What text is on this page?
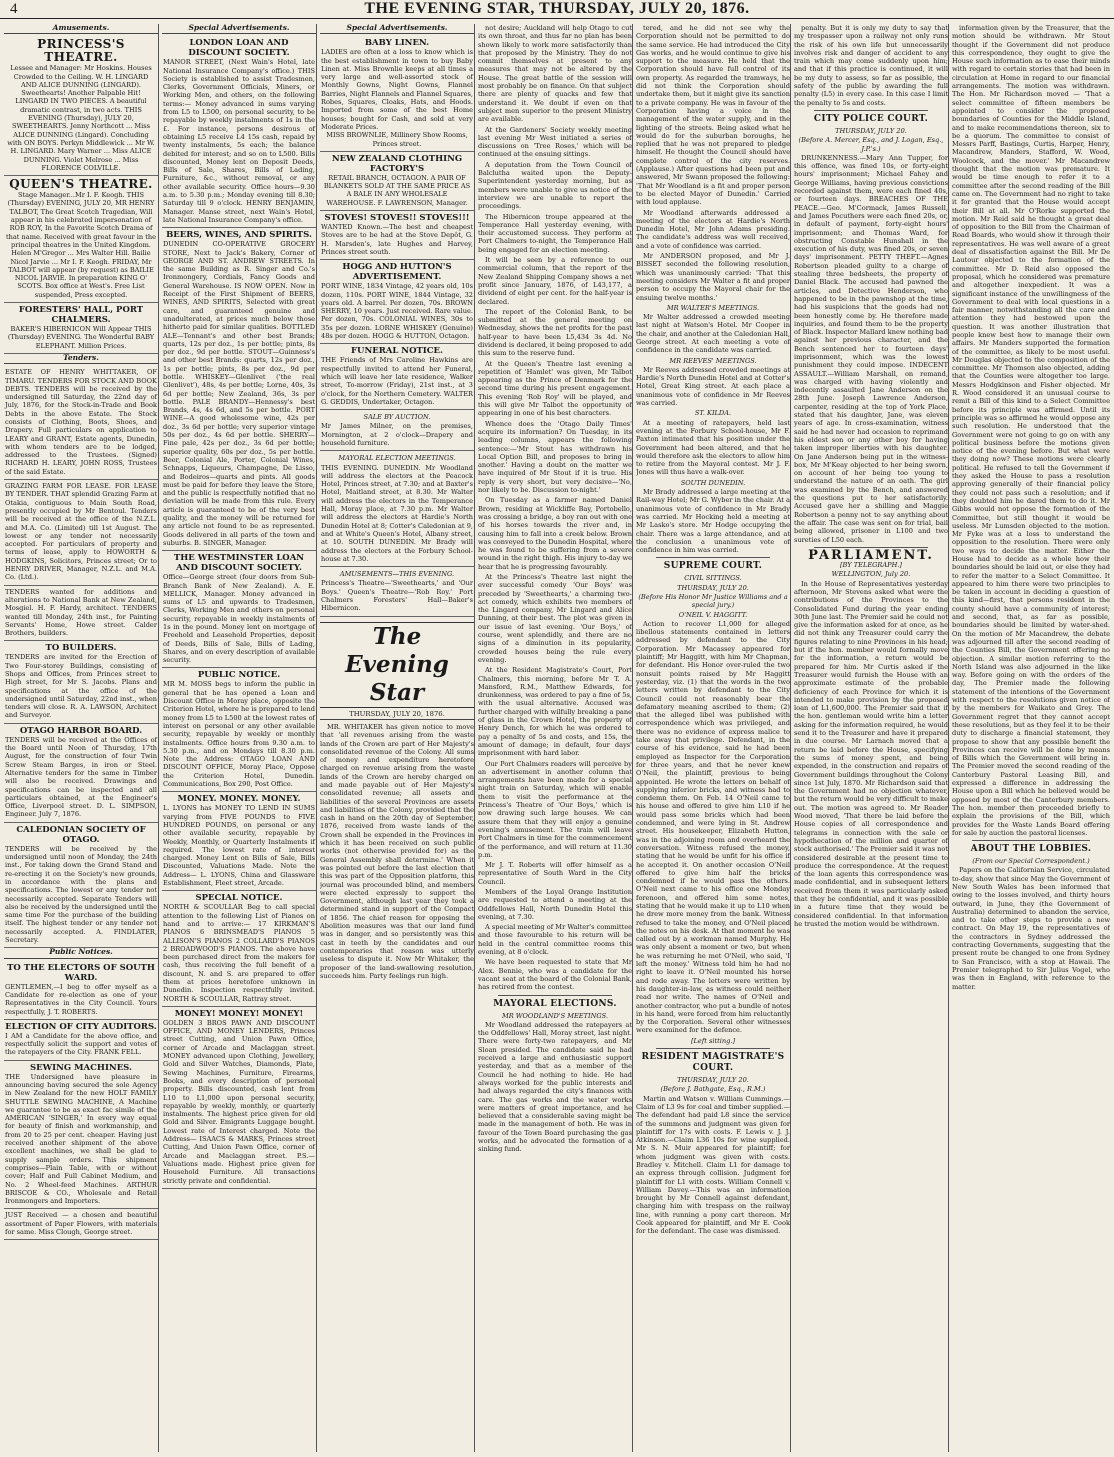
4	THE EVENING STAR, THURSDAY, JULY 20, 1876.
Amusements.
PRINCESS'S THEATRE.
Lessee and Manager: Mr Hoskins. Houses Crowded to the Ceiling. W. H. LINGARD AND ALICE DUNNING (LINGARD). Sweethearts! Another Palpable Hit! LINGARD IN TWO PIECES. A beautiful dramatic contrast, in two acts. THIS EVENING (Thursday), JULY 20, SWEETHEARTS. Jenny Northcott ... Miss ALICE DUNNING (Lingard). Concluding with ON BOYS. Perkyn Middlewick ... Mr W. H. LINGARD. Mary Warner ... Miss ALICE DUNNING. Violet Melrose ... Miss FLORENCE COLVILLE.
QUEEN'S THEATRE.
Stage Manager...Mr I. F. Keogh. THIS (Thursday) EVENING, JULY 20, MR HENRY TALBOT, The Great Scotch Tragedian, Will appear in his celebrated impersonation of ROB ROY, In the Favorite Scotch Drama of that name. Received with great favour in the principal theatres in the United Kingdom. Helen M'Gregor ... Mrs Walter Hill. Bailie Nicol Jarvie ... Mr I. F. Keogh. FRIDAY, Mr TALBOT will appear (by request) as BAILIE NICOL JARVIE. In preparation KING O' SCOTS. Box office at West's. Free List suspended, Press excepted.
FORESTERS' HALL, PORT CHALMERS.
BAKER'S HIBERNICON Will Appear THIS (Thursday) EVENING. The Wonderful BABY ELEPHANT. Million Prices.
Tenders.
ESTATE OF HENRY WHITTAKER, OF TIMARU. TENDERS FOR STOCK AND BOOK DEBTS. TENDERS will be received by the undersigned till Saturday, the 22nd day of July, 1876, for the Stock-in-Trade and Book Debts in the above Estate. The Stock consists of Clothing, Boots, Shoes, and Drapery. Full particulars on application to LEARY and GRANT, Estate agents, Dunedin, with whom tenders are to be lodged, addressed to the Trustees. (Signed) RICHARD H. LEARY, JOHN ROSS, Trustees of the said Estate.
GRAZING FARM FOR LEASE. FOR LEASE BY TENDER. THAT splendid Grazing Farm at Otakia, contiguous to Main South Road, presently occupied by Mr Bentoul. Tenders will be received at the office of the N.Z.L. and M.A. Co. (Limited) till 1st August. The lowest or any tender not necessarily accepted. For particulars of property and terms of lease, apply to HOWORTH & HODGKINS, Solicitors, Princes street; Or to HENRY DRIVER, Manager, N.Z.L. and M.A. Co. (Ltd.).
TENDERS wanted for additions and alterations to National Bank at New Zealand, Mosgiel. H. F. Hardy, architect. TENDERS wanted till Monday, 24th inst., for Painting Servants' Home, Howe street. Calder Brothers, builders.
TO BUILDERS.
TENDERS are invited for the Erection of Two Four-storey Buildings, consisting of Shops and Offices, from Princes street to High street, for Mr S. Jacobs. Plans and specifications at the office of the undersigned until Saturday, 22nd inst., when tenders will close. R. A. LAWSON, Architect and Surveyor.
OTAGO HARBOR BOARD.
TENDERS will be received at the Offices of the Board until Noon of Thursday, 17th August, for the construction of four Twin Screw Steam Barges, in iron or Steel. Alternative tenders for the same in Timber will also be received. Drawings and specifications can be inspected and all particulars obtained, at the Engineer's Office, Liverpool street. D. L. SIMPSON, Engineer. July 7, 1876.
CALEDONIAN SOCIETY OF OTAGO.
TENDERS will be received by the undersigned until noon of Monday, the 24th inst., For taking down the Grand Stand and re-erecting it on the Society's new grounds, in accordance with the plans and specifications. The lowest or any tender not necessarily accepted. Separate Tenders will also be received by the undersigned until the same time For the purchase of the building itself. The highest tender or any tender not necessarily accepted. A. FINDLATER, Secretary.
Public Notices.
TO THE ELECTORS OF SOUTH WARD.
GENTLEMEN,—I beg to offer myself as a Candidate for re-election as one of your Representatives in the City Council. Yours respectfully, J. T. ROBERTS.
ELECTION OF CITY AUDITORS.
I AM a Candidate for the above office, and respectfully solicit the support and votes of the ratepayers of the City. FRANK FELL.
SEWING MACHINES.
THE Undersigned have pleasure in announcing having secured the sole Agency in New Zealand for the new HOLT FAMILY SHUTTLE SEWING MACHINE, A Machine we guarantee to be as exact fac simile of the AMERICAN 'SINGER,' In every way equal for beauty of finish and workmanship, and from 20 to 25 per cent. cheaper. Having just received another shipment of the above excellent machines, we shall be glad to supply sample orders. This shipment comprises—Plain Table, with or without cover; Half and Full Cabinet Medium, and No. 2 Wheel-feed Machines. ARTHUR BRISCOE & CO., Wholesale and Retail Ironmongers and Importers.
JUST Received — a chosen and beautiful assortment of Paper Flowers, with materials for same. Miss Clough, George street.
Special Advertisements.
LONDON LOAN AND DISCOUNT SOCIETY.
MANOR STREET, (Next Wain's Hotel, late National Insurance Company's office.) THIS Society is established to assist Tradesmen, Clerks, Government Officials, Miners, or Working Men, and others, on the following terms:— Money advanced in sums varying from L5 to L500, on personal security, to be repayable by weekly instalments of 1s in the £. For instance, persons desirous of obtaining L5 receive L4 15s cash, repaid by twenty instalments, 5s each; the balance debited for interest; and so on to L500. Bills discounted, Money lent on Deposit Deeds, Bills of Sale, Shares, Bills of Lading, Furniture, &c., without removal, or any other available security. Office hours—9.30 a.m. to 5.30 p.m.; Monday evening till 8.30; Saturday till 9 o'clock. HENRY BENJAMIN, Manager. Manse street, next Wain's Hotel, late National Insurance Company's office.
BEERS, WINES, AND SPIRITS.
DUNEDIN CO-OPERATIVE GROCERY STORE, Next to Jack's Bakery, Corner of GEORGE AND ST. ANDREW STREETS. In the same Building as R. Singer and Co.'s Ironmongery, Cordials, Fancy Goods and General Warehouse. IS NOW OPEN. Now in Receipt of the First Shipment of BEERS, WINES, AND SPIRITS, Selected with great care, and guaranteed genuine and unadulterated, at prices much below those hitherto paid for similar qualities. BOTTLED ALE—Tennant's and other best Brands; quarts, 12s per doz., 1s per bottle; pints, 8s per doz., 9d per bottle. STOUT—Guinness's and other best Brands: quarts, 12s per doz., 1s per bottle; pints, 8s per doz., 9d per bottle. WHISKEY—Glenlivet ('the real Glenlivet'), 48s, 4s per bottle; Lorne, 40s, 3s 6d per bottle; New Zealand, 36s, 3s per bottle. PALE BRANDY—Hennessy's best Brands, 4s, 4s 6d, and 5s per bottle. PORT WINE—A good wholesome wine, 42s per doz., 3s 6d per bottle; very superior vintage 50s per doz., 4s 6d per bottle. SHERRY—Fine pale, 42s per doz., 3s 6d per bottle; superior quality, 60s per doz., 5s per bottle. Beer, Colonial Ale, Porter, Colonial Wines, Schnapps, Liqueurs, Champagne, De Lisso, and Bodeiros—quarts and pints. All goods must be paid for before they leave the Store, and the public is respectfully notified that no deviation will be made from this rule. Every article is guaranteed to be of the very best quality, and the money will be returned for any article not found to be as represented. Goods delivered in all parts of the town and suburbs. B. SINGER, Manager.
THE WESTMINSTER LOAN AND DISCOUNT SOCIETY.
Office—George street (four doors from Sub-Branch Bank of New Zealand). A. E. MELLICK, Manager. Money advanced in sums of L5 and upwards to Tradesmen, Clerks, Working Men and others on personal security, repayable in weekly instalments of 1s in the pound. Money lent on mortgage of Freehold and Leasehold Properties, deposit of Deeds, Bills of Sale, Bills of Lading, Shares, and on every description of available security.
PUBLIC NOTICE.
MR M. MOSS begs to inform the public in general that he has opened a Loan and Discount Office in Moray place, opposite the Criterion Hotel, where he is prepared to lend money from L5 to L500 at the lowest rates of interest on personal or any other available security, repayable by weekly or monthly instalments. Office hours from 9.30 a.m. to 5.30 p.m., and on Mondays till 8.30 p.m. Note the Address: OTAGO LOAN AND DISCOUNT OFFICE, Moray Place, Oppose the Criterion Hotel, Dunedin. Communications, Box 290, Post Office.
MONEY. MONEY. MONEY.
L. LYONS has MONEY TO LEND IN SUMS varying from FIVE POUNDS to FIVE HUNDRED POUNDS, on personal or any other available security, repayable by Weekly, Monthly, or Quarterly Instalments if required. The lowest rate of interest charged. Money Lent on Bills of Sale, Bills Discounted, Valuations Made. Note the Address— L. LYONS, China and Glassware Establishment, Fleet street, Arcade.
SPECIAL NOTICE.
NORTH & SCOULLAR Beg to call special attention to the following List of Pianos on hand and to arrive:— 17 KIRKMAN'S PIANOS 6 BRINSMEAD'S PIANOS 5 ALLISON'S PIANOS 2 COLLARD'S PIANOS 2 BROADWOOD'S PIANOS. The above have been purchased direct from the makers for cash, thus receiving the full benefit of a discount, N. and S. are prepared to offer them at prices heretofore unknown in Dunedin. Inspection respectfully invited. NORTH & SCOULLAR, Rattray street.
MONEY! MONEY! MONEY!
GOLDEN 3 BROS PAWN AND DISCOUNT OFFICE, AND MONEY LENDERS, Princes street Cutting, and Union Pawn Office, corner of Arcade and Maclaggan street. MONEY advanced upon Clothing, Jewellery, Gold and Silver Watches, Diamonds, Plate, Sewing Machines, Furniture, Firearms, Books, and every description of personal property. Bills discounted, cash lent from L10 to L1,000 upon personal security, repayable by weekly, monthly, or quarterly instalments. The highest price given for old Gold and Silver. Emigrants Luggage bought. Lowest rate of Interest charged. Note the Address— ISAACS & MARKS, Princes street Cutting, And Union Pawn Office, corner of Arcade and Maclaggan street. P.S.—Valuations made. Highest price given for Household Furniture. All transactions strictly private and confidential.
Special Advertisements.
BABY LINEN.
LADIES are often at a loss to know which is the best establishment in town to buy Baby Linen at. Miss Brownlie keeps at all times a very large and well-assorted stock of Monthly Gowns, Night Gowns, Flannel Barries, Night Flannels and Flannel Squares, Robes, Squares, Cloaks, Hats, and Hoods. Imported from some of the best Home houses; bought for Cash, and sold at very Moderate Prices.
MISS BROWNLIE, Millinery Show Rooms, Princes street.
NEW ZEALAND CLOTHING FACTORY'S
RETAIL BRANCH, OCTAGON. A PAIR OF BLANKETS SOLD AT THE SAME PRICE AS A BALE IN ANY WHOLESALE WAREHOUSE. F. LAWRENSON, Manager.
STOVES! STOVES!! STOVES!!!
WANTED Known.—The best and cheapest Stoves are to be had at the Stove Depôt, G. H. Marsden's, late Hughes and Harvey, Princes street south.
HOGG AND HUTTON'S ADVERTISEMENT.
PORT WINE, 1834 Vintage, 42 years old, 10s dozen, 110s. PORT WINE, 1844 Vintage, 32 years old. A barrel. Per dozen, 70s. BROWN SHERRY, 10 years. Just received. Rare value. Per dozen, 70s. COLONIAL WINES, 30s to 35s per dozen. LORNE WHISKEY (Genuine) 48s per dozen. HOGG & HUTTON, Octagon.
FUNERAL NOTICE.
THE Friends of Mrs Caroline Hawkins are respectfully invited to attend her Funeral, which will leave her late residence, Walker street, To-morrow (Friday), 21st inst., at 3 o'clock, for the Northern Cemetery. WALTER G. GEDDIS, Undertaker, Octagon.
SALE BY AUCTION.
Mr James Milner, on the premises, Mornington, at 2 o'clock—Drapery and household furniture.
MAYORAL ELECTION MEETINGS.
THIS EVENING. DUNEDIN. Mr Woodland will address the electors at the Peacock Hotel, Princes street, at 7.30; and at Baxter's Hotel, Maitland street, at 8.30. Mr Walter will address the electors in the Temperance Hall, Moray place, at 7.30 p.m. Mr Walter will address the electors at Hardie's North Dunedin Hotel at 8; Cotter's Caledonian at 9, and at White's Queen's Hotel, Albany street, at 10. SOUTH DUNEDIN. Mr Brady will address the electors at the Forbury School-house at 7.30.
AMUSEMENTS—THIS EVENING.
Princess's Theatre—'Sweethearts,' and 'Our Boys.' Queen's Theatre—'Rob Roy.' Port Chalmers Foresters' Hall—Baker's Hibernicon.
The Evening Star
THURSDAY, JULY 20, 1876.

MR. WHITAKER has given notice to move that 'all revenues arising from the waste lands of the Crown are part of Her Majesty's consolidated revenue of the Colony. All sums of money and expenditure heretofore charged on revenue arising from the waste lands of the Crown are hereby charged on and made payable out of Her Majesty's consolidated revenue; all assets and liabilities of the several Provinces are assets and liabilities of the Colony, provided that the cash in hand on the 20th day of September, 1876, received from waste lands of the Crown shall be expended in the Provinces in which it has been received on such public works (not otherwise provided for) as the General Assembly shall determine.' When it was pointed out before the last election that this was part of the Opposition platform, this journal was procounded blind, and members were elected expressly to support the Government, although last year they took a determined stand in support of the Compact of 1856. The chief reason for opposing the Abolition measures was that our land fund was in danger, and so persistently was this cast in teeth by the candidates and our contemporaries that reason was utterly useless to dispute it. Now Mr Whitaker, the proposer of the land-swallowing resolution, succeeds him. Party feelings run high.

not desire; Auckland will help Otago to cut its own throat, and thus far no plan has been shown likely to work more satisfactorily than that proposed by the Ministry. They do not commit themselves at present to any measures that may not be altered by the House. The great battle of the session will most probably be on finance. On that subject there are plenty of quacks and few that understand it. We doubt if even on that subject men superior to the present Ministry are available.

At the Gardeners' Society weekly meeting last evening Mr West initiated a series of discussions on 'Tree Roses,' which will be continued at the ensuing sittings.

A deputation from the Town Council of Balclutha waited upon the Deputy-Superintendent yesterday morning, but as members were unable to give us notice of the interview we are unable to report the proceedings.

The Hibernicon troupe appeared at the Temperance Hall yesterday evening, with their accustomed success. They perform at Port Chalmers to-night, the Temperance Hall being engaged for an election meeting.

It will be seen by a reference to our commercial column, that the report of the New Zealand Shipping Company shows a net profit since January, 1876, of L43,177, a dividend of eight per cent. for the half-year is declared.

The report of the Colonial Bank, to be submitted at the general meeting on Wednesday, shows the net profits for the past half-year to have been L5,434 3s 4d. No dividend is declared, it being proposed to add this sum to the reserve fund.

At the Queen's Theatre last evening a repetition of 'Hamlet' was given, Mr Talbot appearing as the Prince of Denmark for the second time during his present engagement. This evening 'Rob Roy' will be played, and this will give Mr Talbot the opportunity of appearing in one of his best characters.

Whence does the 'Otago Daily Times' acquire its information? On Tuesday, in its leading columns, appears the following sentence:—'Mr Stout has withdrawn his Local Option Bill, and proposes to bring in another.' Having a doubt on the matter we have inquired of Mr Stout if it is true. His reply is very short, but very decisive—'No, nor likely to be. Discussion to-night.'

On Tuesday as a farmer named Daniel Brown, residing at Wickliffe Bay, Portobello, was crossing a bridge, a boy ran out with one of his horses towards the river and, in causing him to fall into a creek below. Brown was conveyed to the Dunedin Hospital, where he was found to be suffering from a severe wound in the right thigh. His injury to-day we hear that he is progressing favourably.

At the Princess's Theatre last night the ever successful comedy 'Our Boys' was preceded by 'Sweethearts,' a charming two-act comedy, which exhibits two members of the Lingard company, Mr Lingard and Alice Dunning, at their best. The plot was given in our issue of last evening. 'Our Boys,' of course, went splendidly, and there are no signs of a diminution in its popularity, crowded houses being the rule every evening.

At the Resident Magistrate's Court, Port Chalmers, this morning, before Mr T. A. Mansford, R.M., Matthew Edwards, for drunkenness, was ordered to pay a fine of 5s, with the usual alternative. Accused was further charged with wilfully breaking a pane of glass in the Crown Hotel, the property of Henry Dench, for which he was ordered to pay a penalty of 5s and costs, and 15s, the amount of damage; in default, four days' imprisonment with hard labor.

Our Port Chalmers readers will perceive by an advertisement in another column that arrangements have been made for a special night train on Saturday, which will enable them to visit the performance at the Princess's Theatre of 'Our Boys,' which is now drawing such large houses. We can assure them that they will enjoy a genuine evening's amusement. The train will leave Port Chalmers in time for the commencement of the performance, and will return at 11.30 p.m.

Mr J. T. Roberts will offer himself as a representative of South Ward in the City Council.

Members of the Loyal Orange Institution are requested to attend a meeting at the Oddfellows Hall, North Dunedin Hotel this evening, at 7.30.

A special meeting of Mr Walter's committee and those favourable to his return will be held in the central committee rooms this evening, at 8 o'clock.

We have been requested to state that Mr Alex. Bennie, who was a candidate for the vacant seat at the board of the Colonial Bank, has retired from the contest.

MAYORAL ELECTIONS.
MR WOODLAND'S MEETINGS.

Mr Woodland addressed the ratepayers at the Oddfellows' Hall, Moray street, last night. There were forty-two ratepayers, and Mr Sloan presided. The candidate said he had received a large and enthusiastic support yesterday, and that as a member of the Council he had nothing to hide. He had always worked for the public interests and had always regarded the city's finances with care. The gas works and the water works were matters of great importance, and he believed that a considerable saving might be made in the management of both. He was in favour of the Town Board purchasing the gas works, and he advocated the formation of a sinking fund.

tered, and he did not see why the Corporation should not be permitted to do the same service. He had introduced the City Gas works, and he would continue to give his support to the measure. He held that the Corporation should have full control of its own property. As regarded the tramways, he did not think the Corporation should undertake them, but it might give its sanction to a private company. He was in favour of the Corporation having a voice in the management of the water supply, and in the lighting of the streets. Being asked what he would do for the suburban boroughs, he replied that he was not prepared to pledge himself. He thought the Council should have complete control of the city reserves. (Applause.) After questions had been put and answered, Mr Swann proposed the following: 'That Mr Woodland is a fit and proper person to be elected Mayor of Dunedin.' Carried with loud applause.

Mr Woodland afterwards addressed a meeting of the electors at Hardie's North Dunedin Hotel, Mr John Adams presiding. The candidate's address was well received, and a vote of confidence was carried.

Mr ANDERSON proposed, and Mr J. BISSET seconded the following resolution, which was unanimously carried: 'That this meeting considers Mr Walter a fit and proper person to occupy the Mayoral chair for the ensuing twelve months.'

MR WALTER'S MEETINGS.

Mr Walter addressed a crowded meeting last night at Watson's Hotel. Mr Cooper in the chair, and another at the Caledonian Hall, George street. At each meeting a vote of confidence in the candidate was carried.

MR REEVES' MEETINGS.

Mr Reeves addressed crowded meetings at Hardie's North Dunedin Hotel and at Cotter's Hotel, Great King street. At each place a unanimous vote of confidence in Mr Reeves was carried.

ST. KILDA.

At a meeting of ratepayers, held last evening at the Forbury School-house, Mr F. Paxton intimated that his position under the Government had been altered, and that he would therefore ask the electors to allow him to retire from the Mayoral contest. Mr J. F. Jones will thus have a walk-over.

SOUTH DUNEDIN.

Mr Brady addressed a large meeting at the Rail-way Hotel; Mr G. Wyber in the chair. At a unanimous vote of confidence in Mr Brady was carried. Mr Hocking held a meeting at Mr Lasko's store. Mr Hodge occupying the chair. There was a large attendance, and at the conclusion a unanimous vote of confidence in him was carried.

SUPREME COURT.
CIVIL SITTINGS.
THURSDAY, JULY 20.
(Before His Honor Mr Justice Williams and a special jury.)
O'NEIL V. HAGGITT.

Action to recover L1,000 for alleged libellous statements contained in letters addressed by defendant to the City Corporation. Mr Macassey appeared for plaintiff; Mr Haggitt, with him Mr Chapman, for defendant. His Honor over-ruled the two nonsuit points raised by Mr Haggitt yesterday, viz. (1) that the words in the two letters written by defendant to the City Council could not reasonably bear the defamatory meaning ascribed to them; (2) that the alleged libel was published with correspondence which was privileged, and there was no evidence of express malice to take away that privilege. Defendant, in the course of his evidence, said he had been employed as Inspector for the Corporation for three years, and that he never knew O'Neil, the plaintiff, previous to being appointed. He wrote the letters on behalf of supplying inferior bricks, and witness had to condemn them. On Feb. 14 O'Neil came to his house and offered to give him L10 if he would pass some bricks which had been condemned, and were lying in St. Andrew street. His housekeeper, Elizabeth Hutton, was in the adjoining room and overheard the conversation. Witness refused the money, stating that he would be unfit for his office if he accepted it. On another occasion O'Neil offered to give him half the bricks condemned if he would pass the others. O'Neil next came to his office one Monday forenoon, and offered him some notes, stating that he would make it up to L10 when he drew more money from the bank. Witness refused to take the money, and O'Neil placed the notes on his desk. At that moment he was called out by a workman named Murphy. He was only absent a moment or two, but when he was returning he met O'Neil, who said, 'I left the money.' Witness told him he had no right to leave it. O'Neil mounted his horse and rode away. The letters were written by his daughter-in-law, as witness could neither read nor write. The names of O'Neil and another contractor, who put a bundle of notes in his hand, were forced from him reluctantly by the Corporation. Several other witnesses were examined for the defence.

[Left sitting.]
RESIDENT MAGISTRATE'S COURT.
THURSDAY, JULY 20.
(Before J. Bathgate, Esq., R.M.)

Martin and Watson v. William Cummings.—Claim of L3 9s for coal and timber supplied.—The defendant had paid L8 since the service of the summons and judgment was given for plaintiff for 17s with costs. F. Lewis v. J. J. Atkinson.—Claim L36 10s for wine supplied. Mr S. N. Muir appeared for plaintiff; for whom judgment was given with costs. Bradley v. Mitchell. Claim L1 for damage to an express through collision. Judgment for plaintiff for L1 with costs. William Connell v. William Davey.—This was an information brought by Mr Connell against defendant, charging him with trespass on the railway line, with running a pony cart thereon. Mr Cook appeared for plaintiff, and Mr E. Cook for the defendant. The case was dismissed.

penalty. But it is only my duty to say that my trespasser upon a railway not only runs the risk of his own life but unnecessarily involves risk and danger of accident to any train which may come suddenly upon him; and that if this practice is continued, it will be my duty to assess, so far as possible, the safety of the public by awarding the full penalty (L5) in every case. In this case I limit the penalty to 5s and costs.

CITY POLICE COURT.
THURSDAY, JULY 20.
(Before A. Mercer, Esq., and J. Logan, Esq., J.P.'s.)

DRUNKENNESS.—Mary Ann Tupper, for this offence, was fined 10s, or forty-eight hours' imprisonment; Michael Fahey and George Williams, having previous convictions recorded against them, were each fined 40s, or fourteen days. BREACHES OF THE PEACE.—Geo. M'Cormack, James Russell, and James Pocuthers were each fined 20s, or, in default of payment, forty-eight hours' imprisonment; and Thomas Ward, for obstructing Constable Hunshall in the execution of his duty, was fined 20s, or seven days' imprisonment. PETTY THEFT.—Agnes Robertson pleaded guilty to a charge of stealing three bedsheets, the property of Daniel Black. The accused had pawned the articles, and Detective Henderson, who happened to be in the pawnshop at the time, had his suspicions that the goods had not been honestly come by. He therefore made inquiries, and found them to be the property of Black. Inspector Mallard knew nothing bad against her previous character, and the Bench sentenced her to fourteen days' imprisonment, which was the lowest punishment they could impose. INDECENT ASSAULT.—William Marshall, on remand, was charged with having violently and indecently assaulted Jane Anderson on the 28th June. Joseph Lawrence Anderson, carpenter, residing at the top of York Place, stated that his daughter, Jane, was eleven years of age. In cross-examination, witness said he had never had occasion to reprimand his eldest son or any other boy for having taken improper liberties with his daughter. On Jane Anderson being put in the witness-box, Mr M'Keay objected to her being sworn, on account of her being too young to understand the nature of an oath. The girl was examined by the Bench, and answered the questions put to her satisfactorily. Accused gave her a shilling and Maggie Robertson a penny not to say anything about the affair. The case was sent on for trial, bail being allowed, prisoner in L100 and two sureties of L50 each.

PARLIAMENT.
[BY TELEGRAPH.]
WELLINGTON, July 20.

In the House of Representatives yesterday afternoon, Mr Stevens asked what were the contributions of the Provinces to the Consolidated Fund during the year ending 30th June last. The Premier said he could not give the information asked for at once, as he did not think any Treasurer could carry the figures relating to nine Provinces in his head; but if the hon. member would formally move for the information, a return would be prepared for him. Mr Curtis asked if the Treasurer would furnish the House with an approximate estimate of the probable deficiency of each Province for which it is intended to make provision by the proposed loan of L1,600,000. The Premier said that if the hon. gentleman would write him a letter asking for the information required, he would send it to the Treasurer and have it prepared in due course. Mr Larnach moved that a return be laid before the House, specifying the sums of money spent, and being expended, in the construction and repairs of Government buildings throughout the Colony since 1st July, 1870. Mr Richardson said that the Government had no objection whatever, but the return would be very difficult to make out. The motion was agreed to. Mr Reader Wood moved, 'That there be laid before the House copies of all correspondence and telegrams in connection with the sale or hypothecation of the million and quarter of stock authorised.' The Premier said it was not considered desirable at the present time to produce the correspondence. At the request of the loan agents this correspondence was made confidential, and in subsequent letters received from them it was particularly asked that they be confidential, and it was possible in a future time that they would be considered confidential. In that information he trusted the motion would be withdrawn.

information given by the Treasurer, that the motion should be withdrawn. Mr Stout thought if the Government did not produce this correspondence, they ought to give the House such information as to ease their minds with regard to certain stories that had been in circulation at Home in regard to our financial arrangements. The motion was withdrawn. The Hon. Mr Richardson moved — 'That a select committee of fifteen members be appointed to consider the proposed boundaries of Counties for the Middle Island, and to make recommendations thereon, six to be a quorum. The committee to consist of Messrs Parff, Bastings, Curtis, Harper, Henry, Macandrew, Manders, Stafford, W. Wood, Woolcock, and the mover.' Mr Macandrew thought that the motion was premature. It would be time enough to refer it to a committee after the second reading of the Bill came on. The Government had no right to take it for granted that the House would accept their Bill at all. Mr O'Rorke supported the motion. Mr Reid said he thought a great deal of opposition to the Bill from the Chairman of Road Boards, who would show it through their representatives. He was well aware of a great deal of dissatisfaction against the Bill. Mr De Lautour objected to the formation of the committee. Mr D. Reid also opposed the proposal, which he considered was premature and altogether inexpedient. It was a significant instance of the unwillingness of the Government to deal with local questions in a fair manner, notwithstanding all the care and attention they had bestowed upon the question. It was another illustration that people knew best how to manage their own affairs. Mr Manders supported the formation of the committee, as likely to be most useful. Mr Douglas objected to the composition of the committee. Mr Thomson also objected, adding that the Counties were altogether too large. Messrs Hodgkinson and Fisher objected. Mr R. Wood considered it an unusual course to remit a Bill of this kind to a Select Committee before its principle was affirmed. Until its principle was so affirmed he would oppose any such resolution. He understood that the Government were not going to go on with any political business before the motions given notice of the evening before. But what were they doing now? These motions were clearly political. He refused to tell the Government if they asked the House to pass a resolution approving generally of their financial policy they could not pass such a resolution; and if they doubted him he dared them to do it. Mr Gibbs would not oppose the formation of the Committee, but still thought it would be useless. Mr Lumsden objected to the motion. Mr Fyke was at a loss to understand the opposition to the resolution. There were only two ways to decide the matter. Either the House had to decide as a whole how their boundaries should be laid out, or else they had to refer the matter to a Select Committee. It appeared to him there were two principles to be taken in account in deciding a question of this kind—first, that persons resident in the county should have a community of interest; and second, that, as far as possible, boundaries should be limited by water-shed. On the motion of Mr Macandrew, the debate was adjourned till after the second reading of the Counties Bill, the Government offering no objection. A similar motion referring to the North Island was also adjourned in the like way. Before going on with the orders of the day, The Premier made the following statement of the intentions of the Government with respect to the resolutions given notice of by the members for Waikato and Grey. The Government regret that they cannot accept these resolutions, but as they feel it to be their duty to discharge a financial statement, they propose to show that any possible benefit the Provinces can receive will be done by means of Bills which the Government will bring in. The Premier moved the second reading of the Canterbury Pastoral Leasing Bill, and expressed a difference in addressing the House upon a Bill which he believed would be opposed by most of the Canterbury members. The hon. member then proceeded briefly to explain the provisions of the Bill, which provides for the Waste Lands Board offering for sale by auction the pastoral licenses.

ABOUT THE LOBBIES.
(From our Special Correspondent.)

Papers on the Californian Service, circulated to-day, show that since May the Government of New South Wales has been informed that owing to the losses involved, and thirty hours outward, in June, they (the Government of Australia) determined to abandon the service, and to take other steps to provide a new contract. On May 19, the representatives of the contractors in Sydney addressed the contracting Governments, suggesting that the present route be changed to one from Sydney to San Francisco, with a stop at Hawaii. The Premier telegraphed to Sir Julius Vogel, who was then in England, with reference to the matter.
